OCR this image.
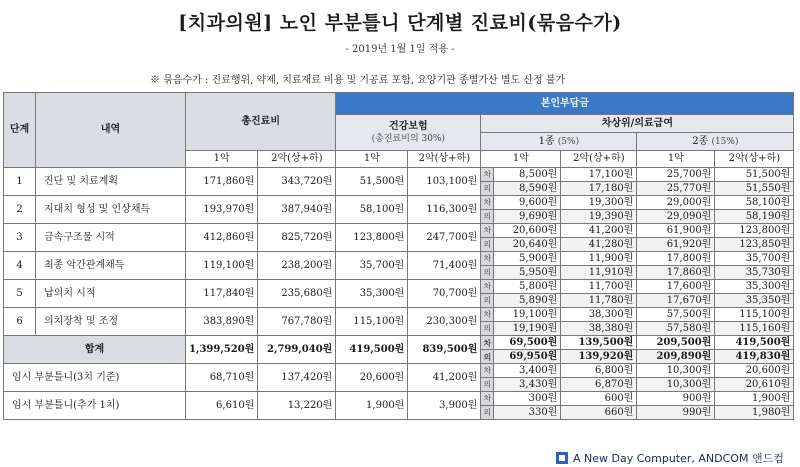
[치과의원] 노인 부분틀니 단계별 진료비(묶음수가)
- 2019년 1월 1일 적용 -
※ 묶음수가 : 진료행위, 약제, 치료재료 비용 및 기공료 포함, 요양기관 종별가산 별도 산정 불가
단계	내역	총진료비		본인부담금						

				건강보험
(총진료비의 30%)		차상위/의료급여				
						1종 (5%)			2종 (15%)	
		1악	2악(상+하)	1악	2악(상+하)	1악		2악(상+하)	1악	2악(상+하)
1	진단 및 치료계획	171,860원	343,720원	51,500원	103,100원	차	8,500원	17,100원	25,700원	51,500원
						의	8,590원	17,180원	25,770원	51,550원
2	지대치 형성 및 인상채득	193,970원	387,940원	58,100원	116,300원	차	9,600원	19,300원	29,000원	58,100원
						의	9,690원	19,390원	29,090원	58,190원
3	금속구조물 시적	412,860원	825,720원	123,800원	247,700원	차	20,600원	41,200원	61,900원	123,800원
						의	20,640원	41,280원	61,920원	123,850원
4	최종 악간관계채득	119,100원	238,200원	35,700원	71,400원	차	5,900원	11,900원	17,800원	35,700원
						의	5,950원	11,910원	17,860원	35,730원
5	납의치 시적	117,840원	235,680원	35,300원	70,700원	차	5,800원	11,700원	17,600원	35,300원
						의	5,890원	11,780원	17,670원	35,350원
6	의치장착 및 조정	383,890원	767,780원	115,100원	230,300원	차	19,100원	38,300원	57,500원	115,100원
						의	19,190원	38,380원	57,580원	115,160원
합계		1,399,520원	2,799,040원	419,500원	839,500원	차	69,500원	139,500원	209,500원	419,500원
						의	69,950원	139,920원	209,890원	419,830원
임시 부분틀니(3치 기준)		68,710원	137,420원	20,600원	41,200원	차	3,400원	6,800원	10,300원	20,600원
						의	3,430원	6,870원	10,300원	20,610원
임시 부분틀니(추가 1치)		6,610원	13,220원	1,900원	3,900원	차	300원	600원	900원	1,900원
						의	330원	660원	990원	1,980원
A New Day Computer, ANDCOM 앤드컴
